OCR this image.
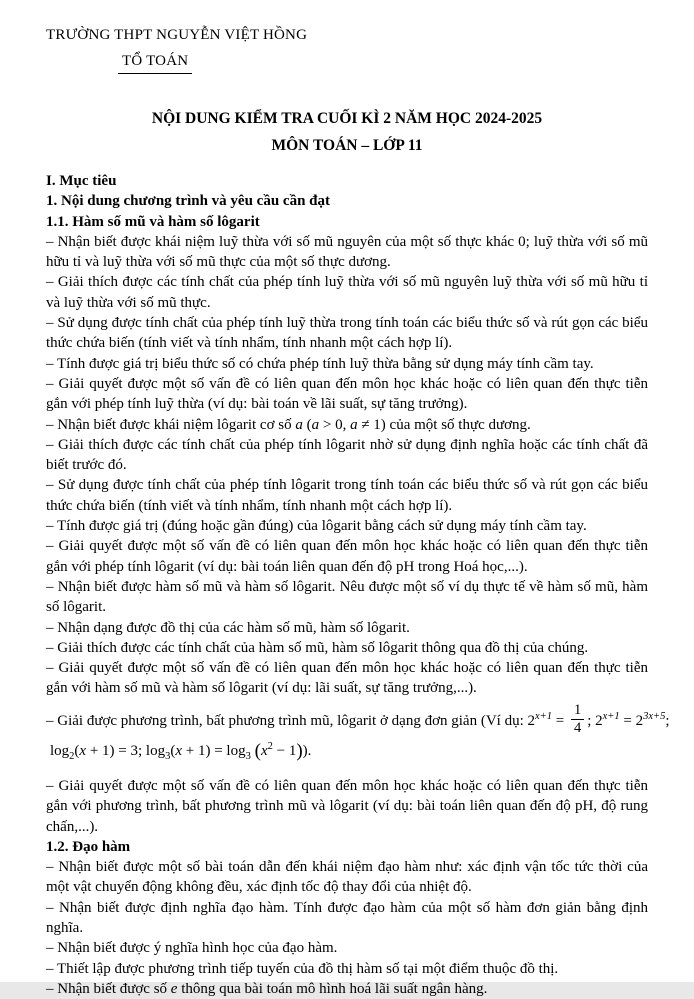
TRƯỜNG THPT NGUYỄN VIỆT HỒNG
TỔ TOÁN
NỘI DUNG KIỂM TRA CUỐI KÌ 2 NĂM HỌC 2024-2025
MÔN TOÁN – LỚP 11
I. Mục tiêu
1. Nội dung chương trình và yêu cầu cần đạt
1.1. Hàm số mũ và hàm số lôgarit
– Nhận biết được khái niệm luỹ thừa với số mũ nguyên của một số thực khác 0; luỹ thừa với số mũ hữu tỉ và luỹ thừa với số mũ thực của một số thực dương.
– Giải thích được các tính chất của phép tính luỹ thừa với số mũ nguyên luỹ thừa với số mũ hữu tỉ và luỹ thừa với số mũ thực.
– Sử dụng được tính chất của phép tính luỹ thừa trong tính toán các biểu thức số và rút gọn các biểu thức chứa biến (tính viết và tính nhẩm, tính nhanh một cách hợp lí).
– Tính được giá trị biểu thức số có chứa phép tính luỹ thừa bằng sử dụng máy tính cầm tay.
– Giải quyết được một số vấn đề có liên quan đến môn học khác hoặc có liên quan đến thực tiễn gắn với phép tính luỹ thừa (ví dụ: bài toán về lãi suất, sự tăng trưởng).
– Nhận biết được khái niệm lôgarit cơ số a (a > 0, a ≠ 1) của một số thực dương.
– Giải thích được các tính chất của phép tính lôgarit nhờ sử dụng định nghĩa hoặc các tính chất đã biết trước đó.
– Sử dụng được tính chất của phép tính lôgarit trong tính toán các biểu thức số và rút gọn các biểu thức chứa biến (tính viết và tính nhẩm, tính nhanh một cách hợp lí).
– Tính được giá trị (đúng hoặc gần đúng) của lôgarit bằng cách sử dụng máy tính cầm tay.
– Giải quyết được một số vấn đề có liên quan đến môn học khác hoặc có liên quan đến thực tiễn gắn với phép tính lôgarit (ví dụ: bài toán liên quan đến độ pH trong Hoá học,...).
– Nhận biết được hàm số mũ và hàm số lôgarit. Nêu được một số ví dụ thực tế về hàm số mũ, hàm số lôgarit.
– Nhận dạng được đồ thị của các hàm số mũ, hàm số lôgarit.
– Giải thích được các tính chất của hàm số mũ, hàm số lôgarit thông qua đồ thị của chúng.
– Giải quyết được một số vấn đề có liên quan đến môn học khác hoặc có liên quan đến thực tiễn gắn với hàm số mũ và hàm số lôgarit (ví dụ: lãi suất, sự tăng trưởng,...).
– Giải được phương trình, bất phương trình mũ, lôgarit ở dạng đơn giản (Ví dụ: $2^{x+1} = \frac{1}{4}$ ; $2^{x+1} = 2^{3x+5}$;
$\log_2(x + 1) = 3$; $\log_3(x + 1) = \log_3 (x^2 - 1)$).
– Giải quyết được một số vấn đề có liên quan đến môn học khác hoặc có liên quan đến thực tiễn gắn với phương trình, bất phương trình mũ và lôgarit (ví dụ: bài toán liên quan đến độ pH, độ rung chấn,...).
1.2. Đạo hàm
– Nhận biết được một số bài toán dẫn đến khái niệm đạo hàm như: xác định vận tốc tức thời của một vật chuyển động không đều, xác định tốc độ thay đổi của nhiệt độ.
– Nhận biết được định nghĩa đạo hàm. Tính được đạo hàm của một số hàm đơn giản bằng định nghĩa.
– Nhận biết được ý nghĩa hình học của đạo hàm.
– Thiết lập được phương trình tiếp tuyến của đồ thị hàm số tại một điểm thuộc đồ thị.
– Nhận biết được số e thông qua bài toán mô hình hoá lãi suất ngân hàng.
